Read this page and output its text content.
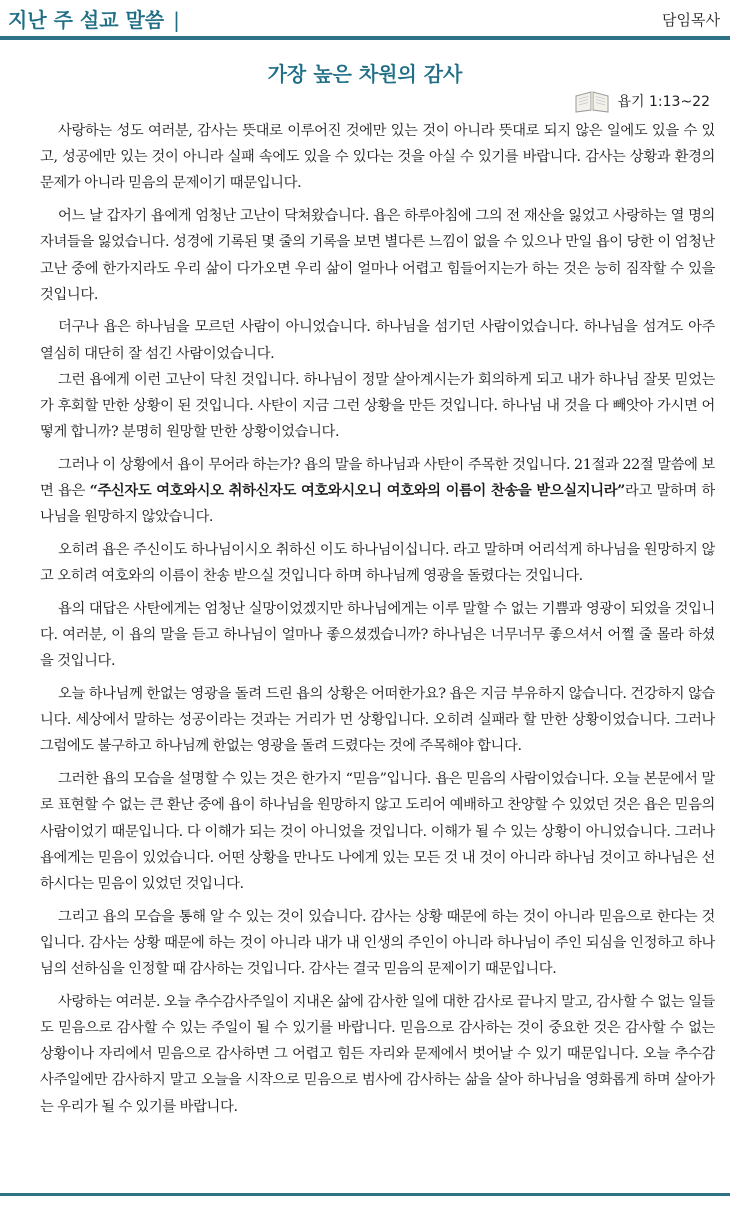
지난 주 설교 말씀 |	담임목사
가장 높은 차원의 감사
욥기 1:13~22

사랑하는 성도 여러분, 감사는 뜻대로 이루어진 것에만 있는 것이 아니라 뜻대로 되지 않은 일에도 있을 수 있고, 성공에만 있는 것이 아니라 실패 속에도 있을 수 있다는 것을 아실 수 있기를 바랍니다. 감사는 상황과 환경의 문제가 아니라 믿음의 문제이기 때문입니다.

어느 날 갑자기 욥에게 엄청난 고난이 닥쳐왔습니다. 욥은 하루아침에 그의 전 재산을 잃었고 사랑하는 열 명의 자녀들을 잃었습니다. 성경에 기록된 몇 줄의 기록을 보면 별다른 느낌이 없을 수 있으나 만일 욥이 당한 이 엄청난 고난 중에 한가지라도 우리 삶이 다가오면 우리 삶이 얼마나 어렵고 힘들어지는가 하는 것은 능히 짐작할 수 있을 것입니다.

더구나 욥은 하나님을 모르던 사람이 아니었습니다. 하나님을 섬기던 사람이었습니다. 하나님을 섬겨도 아주 열심히 대단히 잘 섬긴 사람이었습니다.

그런 욥에게 이런 고난이 닥친 것입니다. 하나님이 정말 살아계시는가 회의하게 되고 내가 하나님 잘못 믿었는가 후회할 만한 상황이 된 것입니다. 사탄이 지금 그런 상황을 만든 것입니다. 하나님 내 것을 다 빼앗아 가시면 어떻게 합니까? 분명히 원망할 만한 상황이었습니다.

그러나 이 상황에서 욥이 무어라 하는가? 욥의 말을 하나님과 사탄이 주목한 것입니다. 21절과 22절 말씀에 보면 욥은 “주신자도 여호와시오 취하신자도 여호와시오니 여호와의 이름이 찬송을 받으실지니라”라고 말하며 하나님을 원망하지 않았습니다.

오히려 욥은 주신이도 하나님이시오 취하신 이도 하나님이십니다. 라고 말하며 어리석게 하나님을 원망하지 않고 오히려 여호와의 이름이 찬송 받으실 것입니다 하며 하나님께 영광을 돌렸다는 것입니다.

욥의 대답은 사탄에게는 엄청난 실망이었겠지만 하나님에게는 이루 말할 수 없는 기쁨과 영광이 되었을 것입니다. 여러분, 이 욥의 말을 듣고 하나님이 얼마나 좋으셨겠습니까? 하나님은 너무너무 좋으셔서 어쩔 줄 몰라 하셨을 것입니다.

오늘 하나님께 한없는 영광을 돌려 드린 욥의 상황은 어떠한가요? 욥은 지금 부유하지 않습니다. 건강하지 않습니다. 세상에서 말하는 성공이라는 것과는 거리가 먼 상황입니다. 오히려 실패라 할 만한 상황이었습니다. 그러나 그럼에도 불구하고 하나님께 한없는 영광을 돌려 드렸다는 것에 주목해야 합니다.

그러한 욥의 모습을 설명할 수 있는 것은 한가지 “믿음”입니다. 욥은 믿음의 사람이었습니다. 오늘 본문에서 말로 표현할 수 없는 큰 환난 중에 욥이 하나님을 원망하지 않고 도리어 예배하고 찬양할 수 있었던 것은 욥은 믿음의 사람이었기 때문입니다. 다 이해가 되는 것이 아니었을 것입니다. 이해가 될 수 있는 상황이 아니었습니다. 그러나 욥에게는 믿음이 있었습니다. 어떤 상황을 만나도 나에게 있는 모든 것 내 것이 아니라 하나님 것이고 하나님은 선하시다는 믿음이 있었던 것입니다.

그리고 욥의 모습을 통해 알 수 있는 것이 있습니다. 감사는 상황 때문에 하는 것이 아니라 믿음으로 한다는 것입니다. 감사는 상황 때문에 하는 것이 아니라 내가 내 인생의 주인이 아니라 하나님이 주인 되심을 인정하고 하나님의 선하심을 인정할 때 감사하는 것입니다. 감사는 결국 믿음의 문제이기 때문입니다.

사랑하는 여러분. 오늘 추수감사주일이 지내온 삶에 감사한 일에 대한 감사로 끝나지 말고, 감사할 수 없는 일들도 믿음으로 감사할 수 있는 주일이 될 수 있기를 바랍니다. 믿음으로 감사하는 것이 중요한 것은 감사할 수 없는 상황이나 자리에서 믿음으로 감사하면 그 어렵고 힘든 자리와 문제에서 벗어날 수 있기 때문입니다. 오늘 추수감사주일에만 감사하지 말고 오늘을 시작으로 믿음으로 범사에 감사하는 삶을 살아 하나님을 영화롭게 하며 살아가는 우리가 될 수 있기를 바랍니다.
